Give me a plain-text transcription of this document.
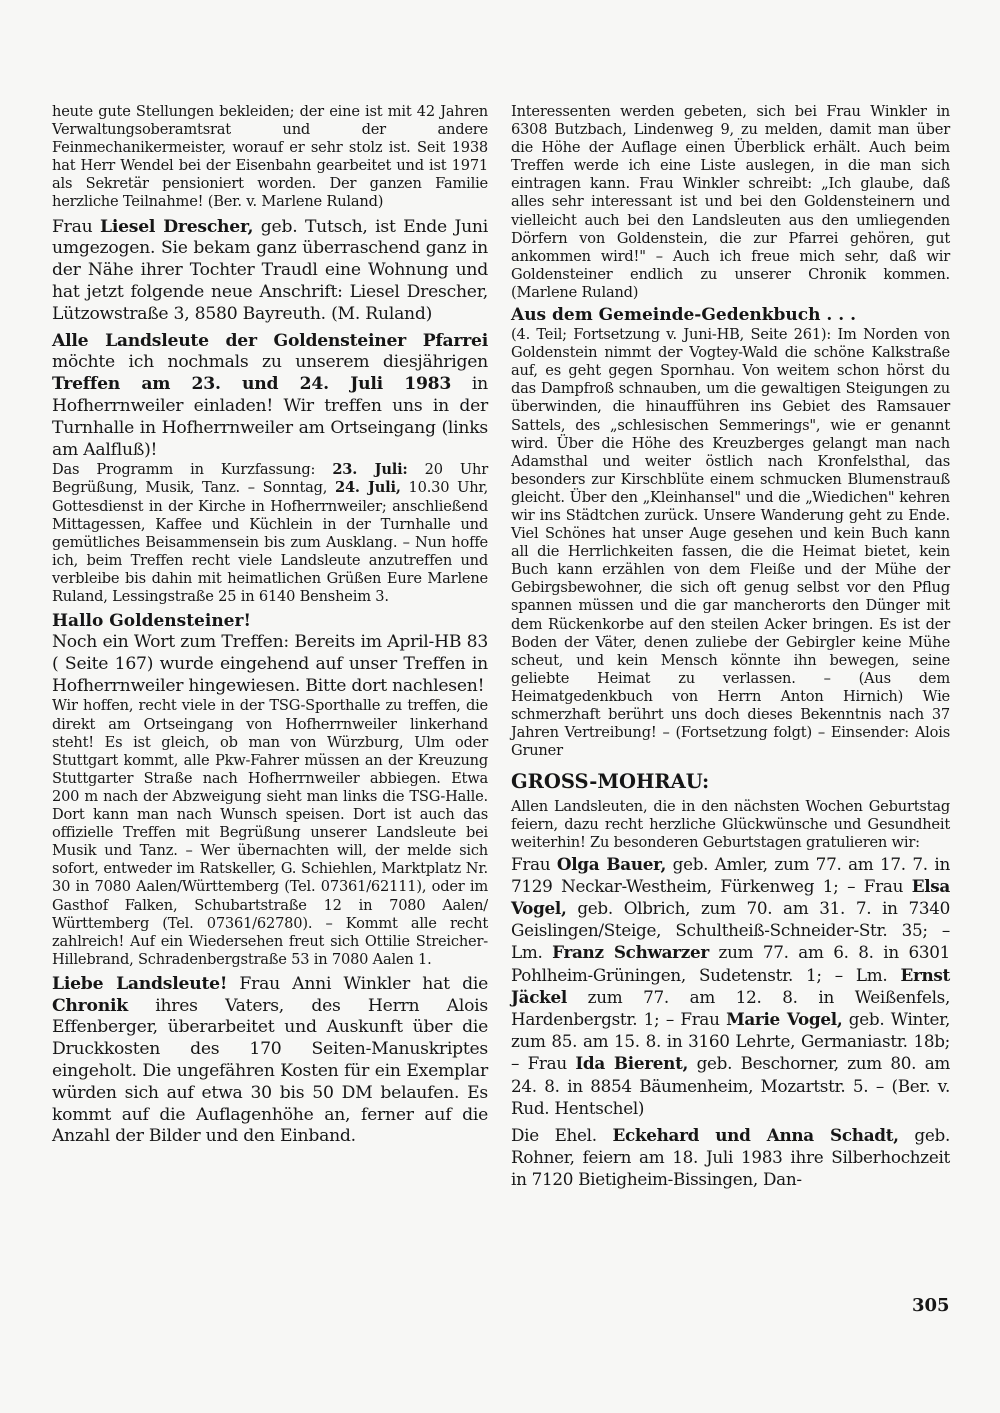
heute gute Stellungen bekleiden; der eine ist mit 42 Jahren Verwaltungsoberamtsrat und der andere Feinmechanikermeister, worauf er sehr stolz ist. Seit 1938 hat Herr Wendel bei der Eisenbahn gearbeitet und ist 1971 als Sekretär pensioniert worden. Der ganzen Familie herzliche Teilnahme! (Ber. v. Marlene Ruland)

Frau Liesel Drescher, geb. Tutsch, ist Ende Juni umgezogen. Sie bekam ganz überraschend ganz in der Nähe ihrer Tochter Traudl eine Wohnung und hat jetzt folgende neue Anschrift: Liesel Drescher, Lützowstraße 3, 8580 Bayreuth. (M. Ruland)

Alle Landsleute der Goldensteiner Pfarrei möchte ich nochmals zu unserem diesjährigen Treffen am 23. und 24. Juli 1983 in Hofherrnweiler einladen! Wir treffen uns in der Turnhalle in Hofherrnweiler am Ortseingang (links am Aalfluß)!

Das Programm in Kurzfassung: 23. Juli: 20 Uhr Begrüßung, Musik, Tanz. – Sonntag, 24. Juli, 10.30 Uhr, Gottesdienst in der Kirche in Hofherrnweiler; anschließend Mittagessen, Kaffee und Küchlein in der Turnhalle und gemütliches Beisammensein bis zum Ausklang. – Nun hoffe ich, beim Treffen recht viele Landsleute anzutreffen und verbleibe bis dahin mit heimatlichen Grüßen Eure Marlene Ruland, Lessingstraße 25 in 6140 Bensheim 3.

Hallo Goldensteiner!

Noch ein Wort zum Treffen: Bereits im April-HB 83 ( Seite 167) wurde eingehend auf unser Treffen in Hofherrnweiler hingewiesen. Bitte dort nachlesen!

Wir hoffen, recht viele in der TSG-Sporthalle zu treffen, die direkt am Ortseingang von Hofherrnweiler linkerhand steht! Es ist gleich, ob man von Würzburg, Ulm oder Stuttgart kommt, alle Pkw-Fahrer müssen an der Kreuzung Stuttgarter Straße nach Hofherrnweiler abbiegen. Etwa 200 m nach der Abzweigung sieht man links die TSG-Halle. Dort kann man nach Wunsch speisen. Dort ist auch das offizielle Treffen mit Begrüßung unserer Landsleute bei Musik und Tanz. – Wer übernachten will, der melde sich sofort, entweder im Ratskeller, G. Schiehlen, Marktplatz Nr. 30 in 7080 Aalen/Württemberg (Tel. 07361/62111), oder im Gasthof Falken, Schubartstraße 12 in 7080 Aalen/ Württemberg (Tel. 07361/62780). – Kommt alle recht zahlreich! Auf ein Wiedersehen freut sich Ottilie Streicher-Hillebrand, Schradenbergstraße 53 in 7080 Aalen 1.

Liebe Landsleute! Frau Anni Winkler hat die Chronik ihres Vaters, des Herrn Alois Effenberger, überarbeitet und Auskunft über die Druckkosten des 170 Seiten-Manuskriptes eingeholt. Die ungefähren Kosten für ein Exemplar würden sich auf etwa 30 bis 50 DM belaufen. Es kommt auf die Auflagenhöhe an, ferner auf die Anzahl der Bilder und den Einband.

Interessenten werden gebeten, sich bei Frau Winkler in 6308 Butzbach, Lindenweg 9, zu melden, damit man über die Höhe der Auflage einen Überblick erhält. Auch beim Treffen werde ich eine Liste auslegen, in die man sich eintragen kann. Frau Winkler schreibt: „Ich glaube, daß alles sehr interessant ist und bei den Goldensteinern und vielleicht auch bei den Landsleuten aus den umliegenden Dörfern von Goldenstein, die zur Pfarrei gehören, gut ankommen wird!" – Auch ich freue mich sehr, daß wir Goldensteiner endlich zu unserer Chronik kommen. (Marlene Ruland)

Aus dem Gemeinde-Gedenkbuch . . .

(4. Teil; Fortsetzung v. Juni-HB, Seite 261): Im Norden von Goldenstein nimmt der Vogtey-Wald die schöne Kalkstraße auf, es geht gegen Spornhau. Von weitem schon hörst du das Dampfroß schnauben, um die gewaltigen Steigungen zu überwinden, die hinaufführen ins Gebiet des Ramsauer Sattels, des „schlesischen Semmerings", wie er genannt wird. Über die Höhe des Kreuzberges gelangt man nach Adamsthal und weiter östlich nach Kronfelsthal, das besonders zur Kirschblüte einem schmucken Blumenstrauß gleicht. Über den „Kleinhansel" und die „Wiedichen" kehren wir ins Städtchen zurück. Unsere Wanderung geht zu Ende. Viel Schönes hat unser Auge gesehen und kein Buch kann all die Herrlichkeiten fassen, die die Heimat bietet, kein Buch kann erzählen von dem Fleiße und der Mühe der Gebirgsbewohner, die sich oft genug selbst vor den Pflug spannen müssen und die gar mancherorts den Dünger mit dem Rückenkorbe auf den steilen Acker bringen. Es ist der Boden der Väter, denen zuliebe der Gebirgler keine Mühe scheut, und kein Mensch könnte ihn bewegen, seine geliebte Heimat zu verlassen. – (Aus dem Heimatgedenkbuch von Herrn Anton Hirnich) Wie schmerzhaft berührt uns doch dieses Bekenntnis nach 37 Jahren Vertreibung! – (Fortsetzung folgt) – Einsender: Alois Gruner

GROSS-MOHRAU:

Allen Landsleuten, die in den nächsten Wochen Geburtstag feiern, dazu recht herzliche Glückwünsche und Gesundheit weiterhin! Zu besonderen Geburtstagen gratulieren wir:

Frau Olga Bauer, geb. Amler, zum 77. am 17. 7. in 7129 Neckar-Westheim, Fürkenweg 1; – Frau Elsa Vogel, geb. Olbrich, zum 70. am 31. 7. in 7340 Geislingen/Steige, Schultheiß-Schneider-Str. 35; – Lm. Franz Schwarzer zum 77. am 6. 8. in 6301 Pohlheim-Grüningen, Sudetenstr. 1; – Lm. Ernst Jäckel zum 77. am 12. 8. in Weißenfels, Hardenbergstr. 1; – Frau Marie Vogel, geb. Winter, zum 85. am 15. 8. in 3160 Lehrte, Germaniastr. 18b; – Frau Ida Bierent, geb. Beschorner, zum 80. am 24. 8. in 8854 Bäumenheim, Mozartstr. 5. – (Ber. v. Rud. Hentschel)

Die Ehel. Eckehard und Anna Schadt, geb. Rohner, feiern am 18. Juli 1983 ihre Silberhochzeit in 7120 Bietigheim-Bissingen, Dan-

305
